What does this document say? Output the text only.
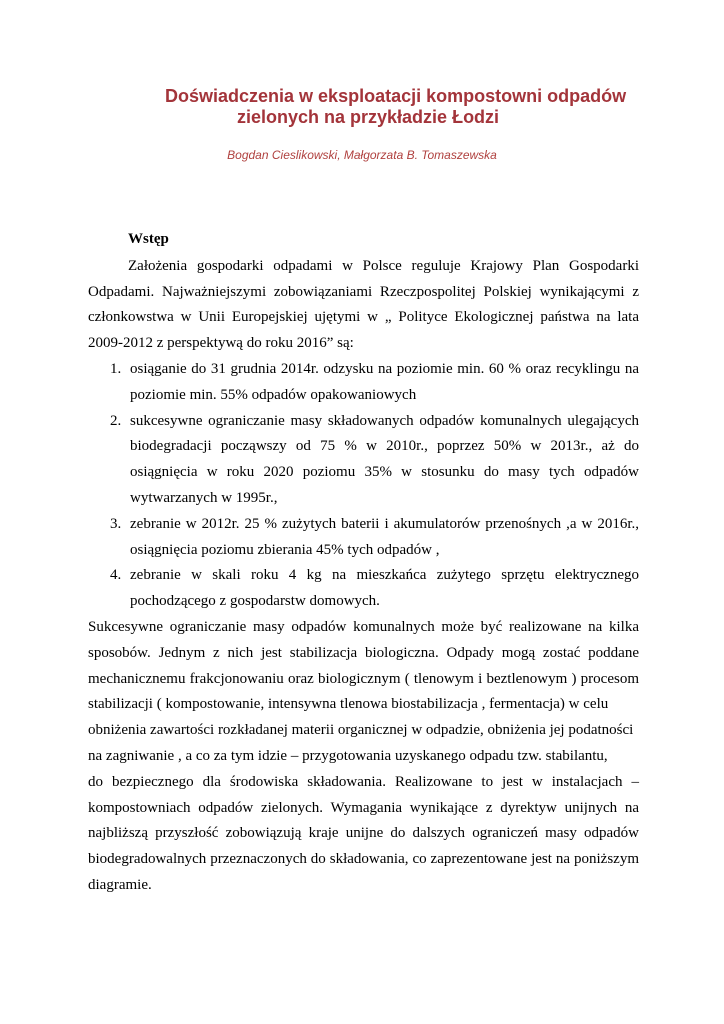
Doświadczenia w eksploatacji kompostowni odpadów
zielonych na przykładzie Łodzi
Bogdan Cieslikowski, Małgorzata B. Tomaszewska
Wstęp

Założenia gospodarki odpadami w Polsce reguluje Krajowy Plan Gospodarki Odpadami. Najważniejszymi zobowiązaniami Rzeczpospolitej Polskiej wynikającymi z członkowstwa w Unii Europejskiej ujętymi w „ Polityce Ekologicznej państwa na lata 2009-2012 z perspektywą do roku 2016” są:

1. osiąganie do 31 grudnia 2014r. odzysku na poziomie min. 60 % oraz recyklingu na poziomie min. 55% odpadów opakowaniowych
2. sukcesywne ograniczanie masy składowanych odpadów komunalnych ulegających biodegradacji począwszy od 75 % w 2010r., poprzez 50% w 2013r., aż do osiągnięcia w roku 2020 poziomu 35% w stosunku do masy tych odpadów wytwarzanych w 1995r.,
3. zebranie w 2012r. 25 % zużytych baterii i akumulatorów przenośnych ,a w 2016r., osiągnięcia poziomu zbierania 45% tych odpadów ,
4. zebranie w skali roku 4 kg na mieszkańca zużytego sprzętu elektrycznego pochodzącego z gospodarstw domowych.

Sukcesywne ograniczanie masy odpadów komunalnych może być realizowane na kilka sposobów. Jednym z nich jest stabilizacja biologiczna. Odpady mogą zostać poddane mechanicznemu frakcjonowaniu oraz biologicznym ( tlenowym i beztlenowym ) procesom stabilizacji ( kompostowanie, intensywna tlenowa biostabilizacja , fermentacja) w celu

obniżenia zawartości rozkładanej materii organicznej w odpadzie, obniżenia jej podatności
na zagniwanie , a co za tym idzie – przygotowania uzyskanego odpadu tzw. stabilantu,

do bezpiecznego dla środowiska składowania. Realizowane to jest w instalacjach – kompostowniach odpadów zielonych. Wymagania wynikające z dyrektyw unijnych na najbliższą przyszłość zobowiązują kraje unijne do dalszych ograniczeń masy odpadów biodegradowalnych przeznaczonych do składowania, co zaprezentowane jest na poniższym diagramie.
